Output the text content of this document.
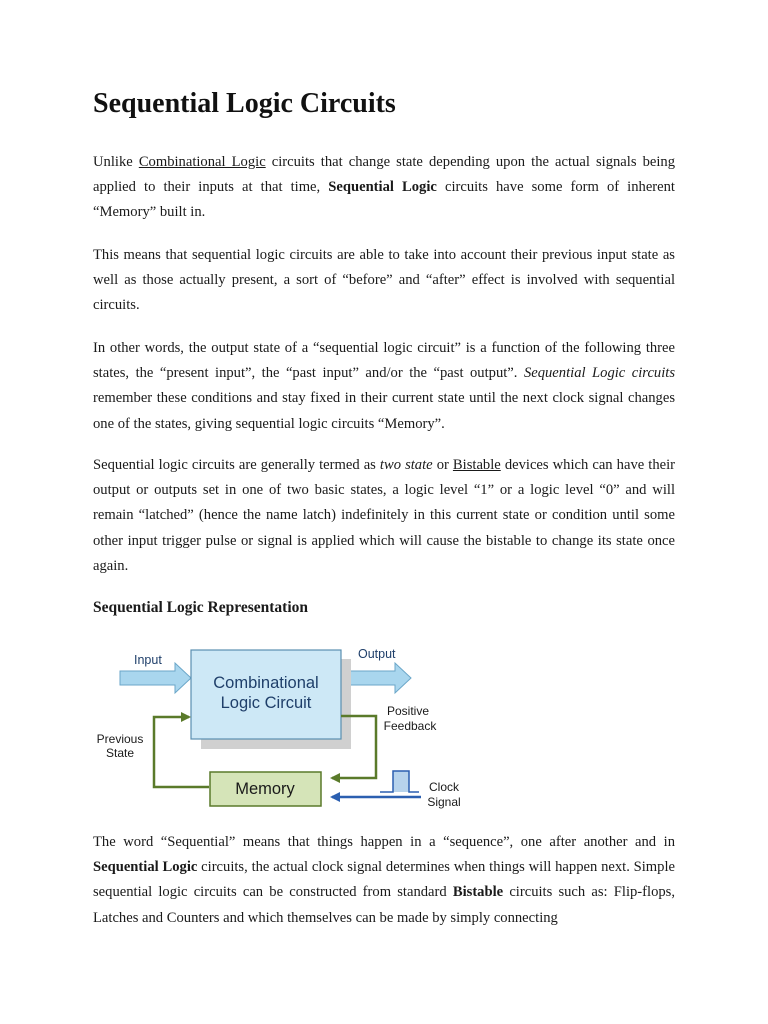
Sequential Logic Circuits

Unlike Combinational Logic circuits that change state depending upon the actual signals being applied to their inputs at that time, Sequential Logic circuits have some form of inherent “Memory” built in.

This means that sequential logic circuits are able to take into account their previous input state as well as those actually present, a sort of “before” and “after” effect is involved with sequential circuits.

In other words, the output state of a “sequential logic circuit” is a function of the following three states, the “present input”, the “past input” and/or the “past output”. Sequential Logic circuits remember these conditions and stay fixed in their current state until the next clock signal changes one of the states, giving sequential logic circuits “Memory”.

Sequential logic circuits are generally termed as two state or Bistable devices which can have their output or outputs set in one of two basic states, a logic level “1” or a logic level “0” and will remain “latched” (hence the name latch) indefinitely in this current state or condition until some other input trigger pulse or signal is applied which will cause the bistable to change its state once again.

Sequential Logic Representation
Input	Output
Combinational
Logic Circuit	Positive
Feedback
Previous
State
Memory	Clock
Signal

The word “Sequential” means that things happen in a “sequence”, one after another and in Sequential Logic circuits, the actual clock signal determines when things will happen next. Simple sequential logic circuits can be constructed from standard Bistable circuits such as: Flip-flops, Latches and Counters and which themselves can be made by simply connecting
